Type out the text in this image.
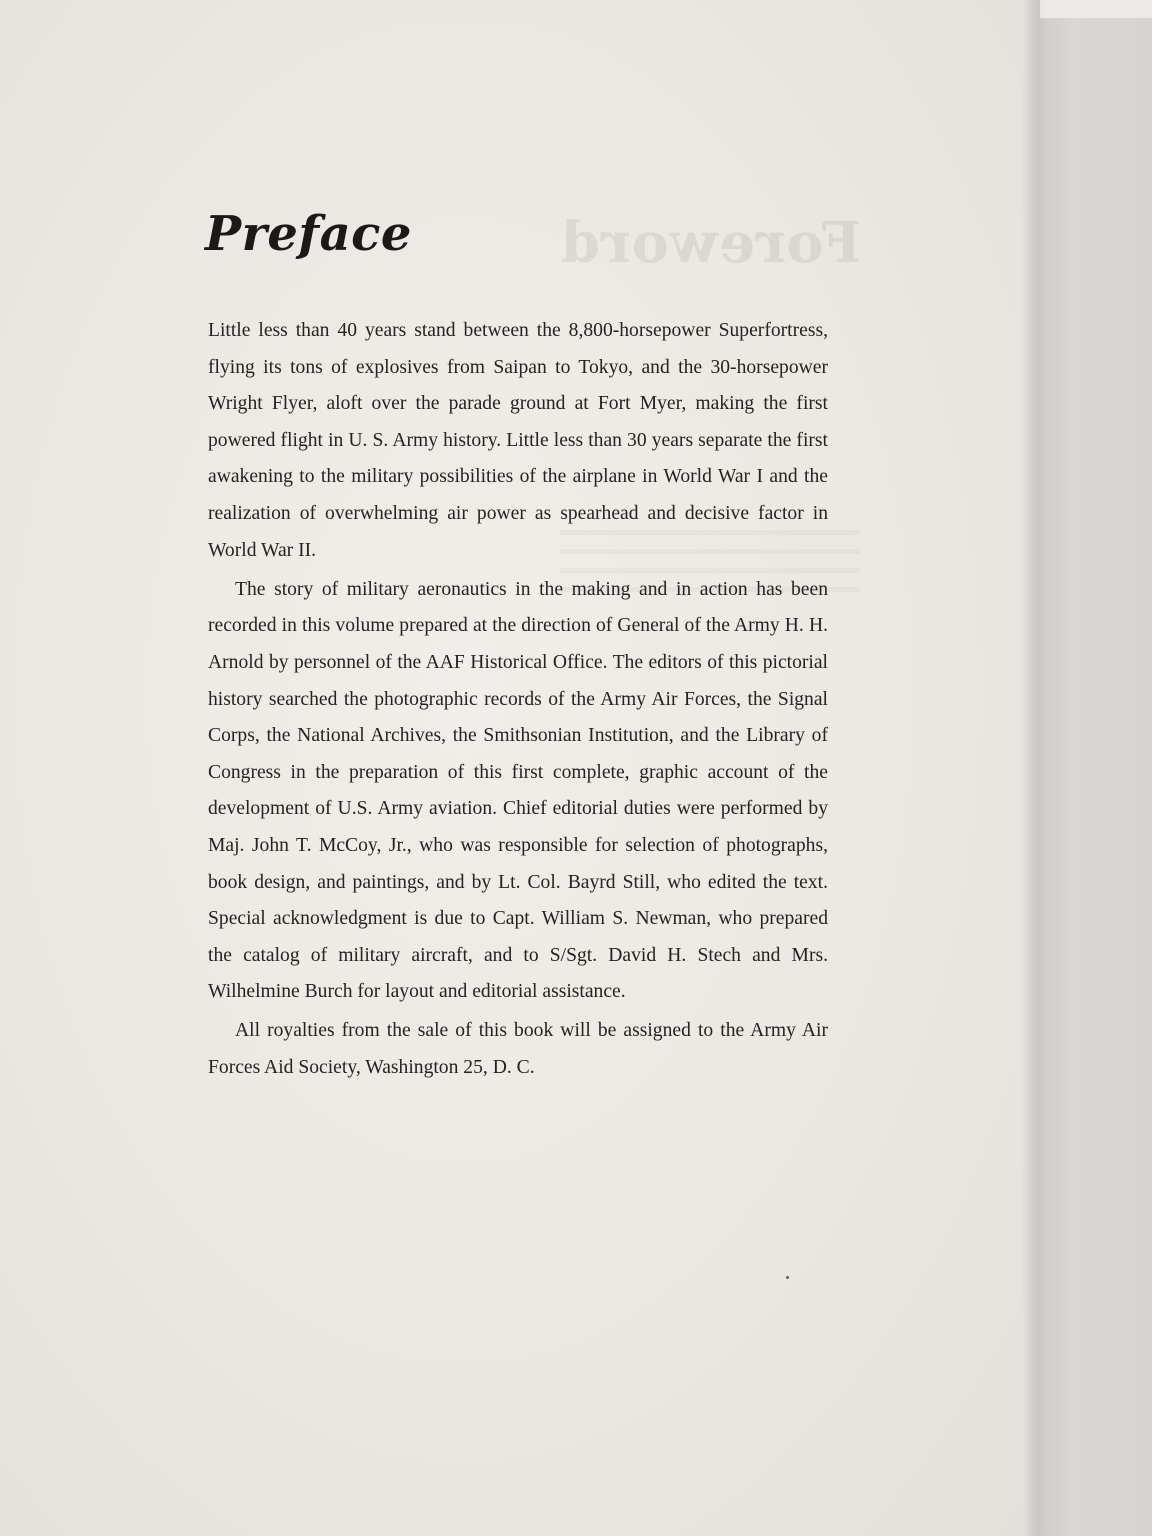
Foreword
Preface

Little less than 40 years stand between the 8,800-horsepower Superfortress, flying its tons of explosives from Saipan to Tokyo, and the 30-horsepower Wright Flyer, aloft over the parade ground at Fort Myer, making the first powered flight in U. S. Army history. Little less than 30 years separate the first awakening to the military possibilities of the airplane in World War I and the realization of overwhelming air power as spearhead and decisive factor in World War II.

The story of military aeronautics in the making and in action has been recorded in this volume prepared at the direction of General of the Army H. H. Arnold by personnel of the AAF Historical Office. The editors of this pictorial history searched the photographic records of the Army Air Forces, the Signal Corps, the National Archives, the Smithsonian Institution, and the Library of Congress in the preparation of this first complete, graphic account of the development of U.S. Army aviation. Chief editorial duties were performed by Maj. John T. McCoy, Jr., who was responsible for selection of photographs, book design, and paintings, and by Lt. Col. Bayrd Still, who edited the text. Special acknowledgment is due to Capt. William S. Newman, who prepared the catalog of military aircraft, and to S/Sgt. David H. Stech and Mrs. Wilhelmine Burch for layout and editorial assistance.

All royalties from the sale of this book will be assigned to the Army Air Forces Aid Society, Washington 25, D. C.
